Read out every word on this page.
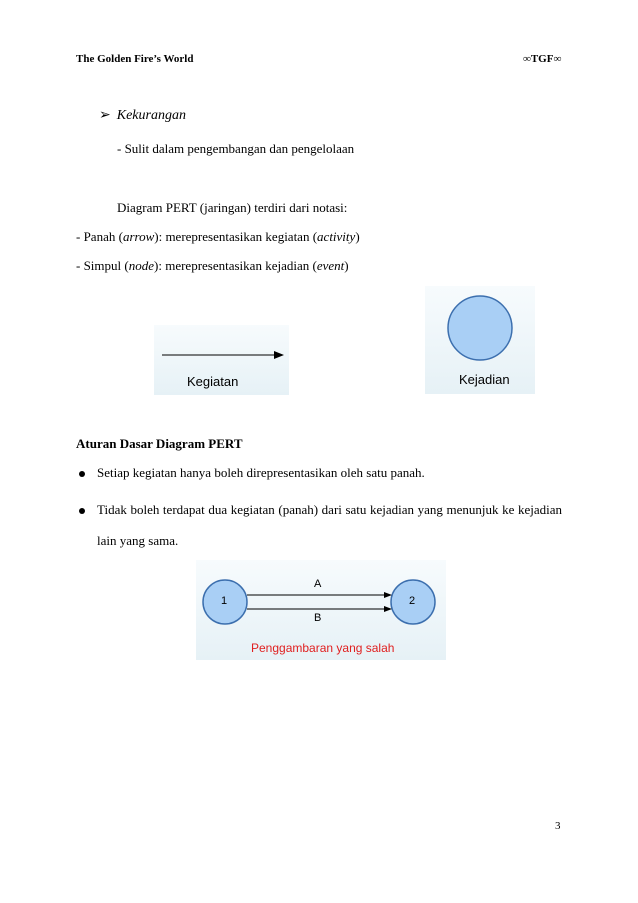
The Golden Fire’s World	∞TGF∞
➢ Kekurangan
- Sulit dalam pengembangan dan pengelolaan
Diagram PERT (jaringan) terdiri dari notasi:
- Panah (arrow): merepresentasikan kegiatan (activity)
- Simpul (node): merepresentasikan kejadian (event)
Kegiatan	Kejadian
Aturan Dasar Diagram PERT
Setiap kegiatan hanya boleh direpresentasikan oleh satu panah.
Tidak boleh terdapat dua kegiatan (panah) dari satu kejadian yang menunjuk ke kejadian
lain yang sama.
1	2
A
B
Penggambaran yang salah
3
